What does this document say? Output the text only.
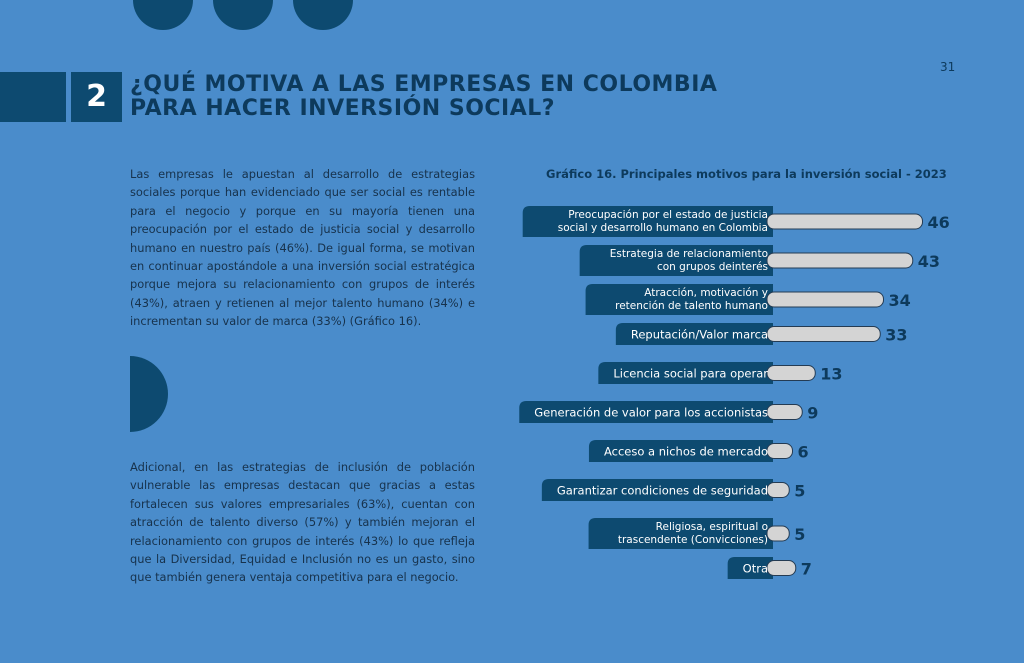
31
2	¿QUÉ MOTIVA A LAS EMPRESAS EN COLOMBIA
PARA HACER INVERSIÓN SOCIAL?

Las empresas le apuestan al desarrollo de estrategias sociales porque han evidenciado que ser social es rentable para el negocio y porque en su mayoría tienen una preocupación por el estado de justicia social y desarrollo humano en nuestro país (46%). De igual forma, se motivan en continuar apostándole a una inversión social estratégica porque mejora su relacionamiento con grupos de interés (43%), atraen y retienen al mejor talento humano (34%) e incrementan su valor de marca (33%) (Gráfico 16).

Adicional, en las estrategias de inclusión de población vulnerable las empresas destacan que gracias a estas fortalecen sus valores empresariales (63%), cuentan con atracción de talento diverso (57%) y también mejoran el relacionamiento con grupos de interés (43%) lo que refleja que la Diversidad, Equidad e Inclusión no es un gasto, sino que también genera ventaja competitiva para el negocio.

Gráfico 16. Principales motivos para la inversión social - 2023
Preocupación por el estado de justicia
social y desarrollo humano en Colombia	46
Estrategia de relacionamiento
con grupos deinterés	43
Atracción, motivación y
retención de talento humano	34
Reputación/Valor marca	33
Licencia social para operar	13
Generación de valor para los accionistas 9
Acceso a nichos de mercado 6
Garantizar condiciones de seguridad 5
Religiosa, espiritual o
trascendente (Convicciones) 5
Otra 7
